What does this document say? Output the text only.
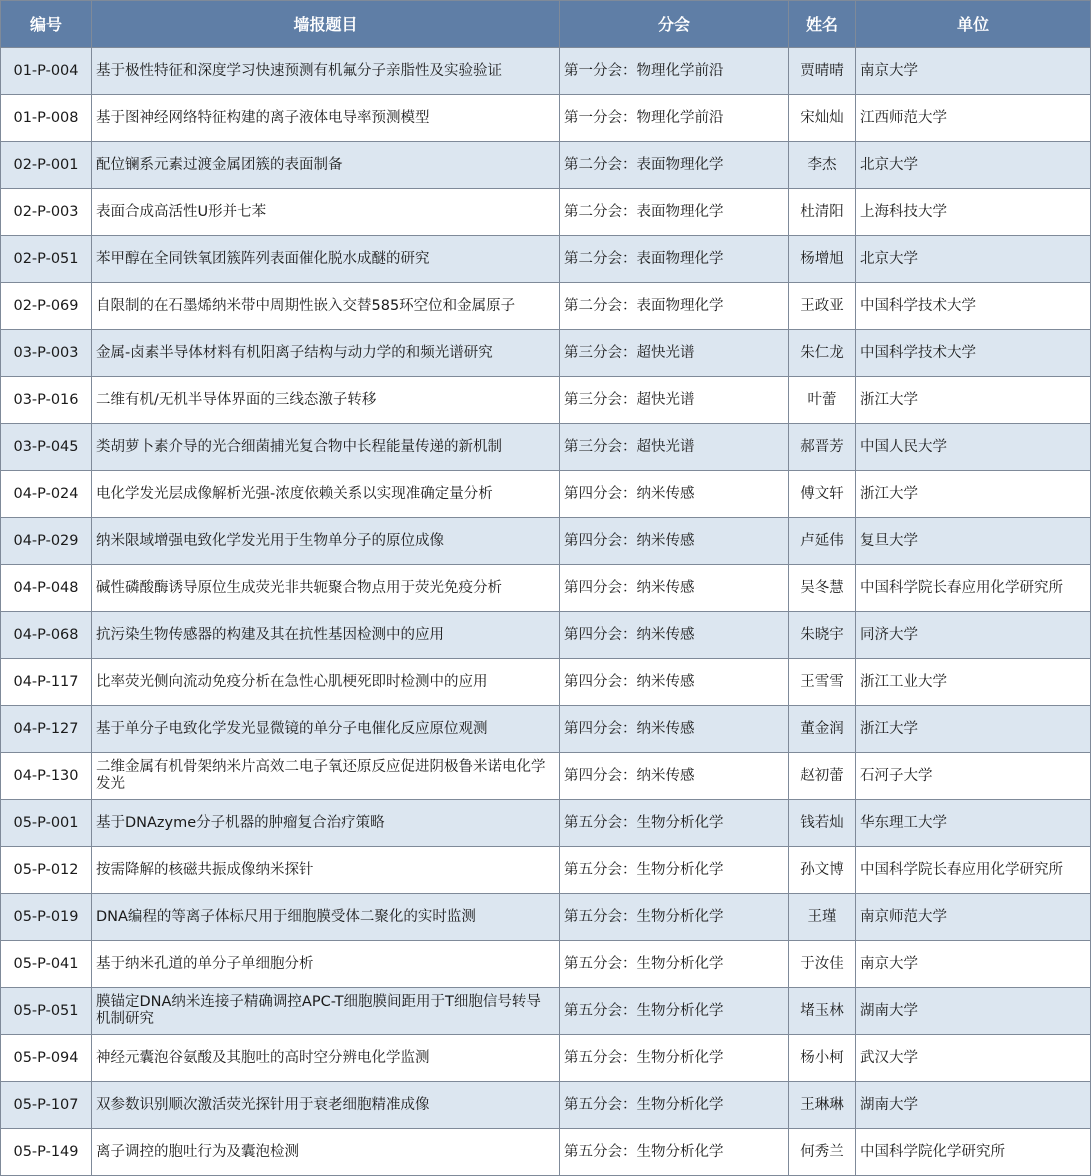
编号	墙报题目	分会	姓名	单位
01-P-004	基于极性特征和深度学习快速预测有机氟分子亲脂性及实验验证	第一分会：物理化学前沿	贾晴晴	南京大学
01-P-008	基于图神经网络特征构建的离子液体电导率预测模型	第一分会：物理化学前沿	宋灿灿	江西师范大学
02-P-001	配位镧系元素过渡金属团簇的表面制备	第二分会：表面物理化学	李杰	北京大学
02-P-003	表面合成高活性U形并七苯	第二分会：表面物理化学	杜清阳	上海科技大学
02-P-051	苯甲醇在全同铁氧团簇阵列表面催化脱水成醚的研究	第二分会：表面物理化学	杨增旭	北京大学
02-P-069	自限制的在石墨烯纳米带中周期性嵌入交替585环空位和金属原子	第二分会：表面物理化学	王政亚	中国科学技术大学
03-P-003	金属-卤素半导体材料有机阳离子结构与动力学的和频光谱研究	第三分会：超快光谱	朱仁龙	中国科学技术大学
03-P-016	二维有机/无机半导体界面的三线态激子转移	第三分会：超快光谱	叶蕾	浙江大学
03-P-045	类胡萝卜素介导的光合细菌捕光复合物中长程能量传递的新机制	第三分会：超快光谱	郝晋芳	中国人民大学
04-P-024	电化学发光层成像解析光强-浓度依赖关系以实现准确定量分析	第四分会：纳米传感	傅文轩	浙江大学
04-P-029	纳米限域增强电致化学发光用于生物单分子的原位成像	第四分会：纳米传感	卢延伟	复旦大学
04-P-048	碱性磷酸酶诱导原位生成荧光非共轭聚合物点用于荧光免疫分析	第四分会：纳米传感	吴冬慧	中国科学院长春应用化学研究所
04-P-068	抗污染生物传感器的构建及其在抗性基因检测中的应用	第四分会：纳米传感	朱晓宇	同济大学
04-P-117	比率荧光侧向流动免疫分析在急性心肌梗死即时检测中的应用	第四分会：纳米传感	王雪雪	浙江工业大学
04-P-127	基于单分子电致化学发光显微镜的单分子电催化反应原位观测	第四分会：纳米传感	董金润	浙江大学
04-P-130	二维金属有机骨架纳米片高效二电子氧还原反应促进阴极鲁米诺电化学发光	第四分会：纳米传感	赵初蕾	石河子大学
05-P-001	基于DNAzyme分子机器的肿瘤复合治疗策略	第五分会：生物分析化学	钱若灿	华东理工大学
05-P-012	按需降解的核磁共振成像纳米探针	第五分会：生物分析化学	孙文博	中国科学院长春应用化学研究所
05-P-019	DNA编程的等离子体标尺用于细胞膜受体二聚化的实时监测	第五分会：生物分析化学	王瑾	南京师范大学
05-P-041	基于纳米孔道的单分子单细胞分析	第五分会：生物分析化学	于汝佳	南京大学
05-P-051	膜锚定DNA纳米连接子精确调控APC-T细胞膜间距用于T细胞信号转导机制研究	第五分会：生物分析化学	堵玉林	湖南大学
05-P-094	神经元囊泡谷氨酸及其胞吐的高时空分辨电化学监测	第五分会：生物分析化学	杨小柯	武汉大学
05-P-107	双参数识别顺次激活荧光探针用于衰老细胞精准成像	第五分会：生物分析化学	王琳琳	湖南大学
05-P-149	离子调控的胞吐行为及囊泡检测	第五分会：生物分析化学	何秀兰	中国科学院化学研究所
